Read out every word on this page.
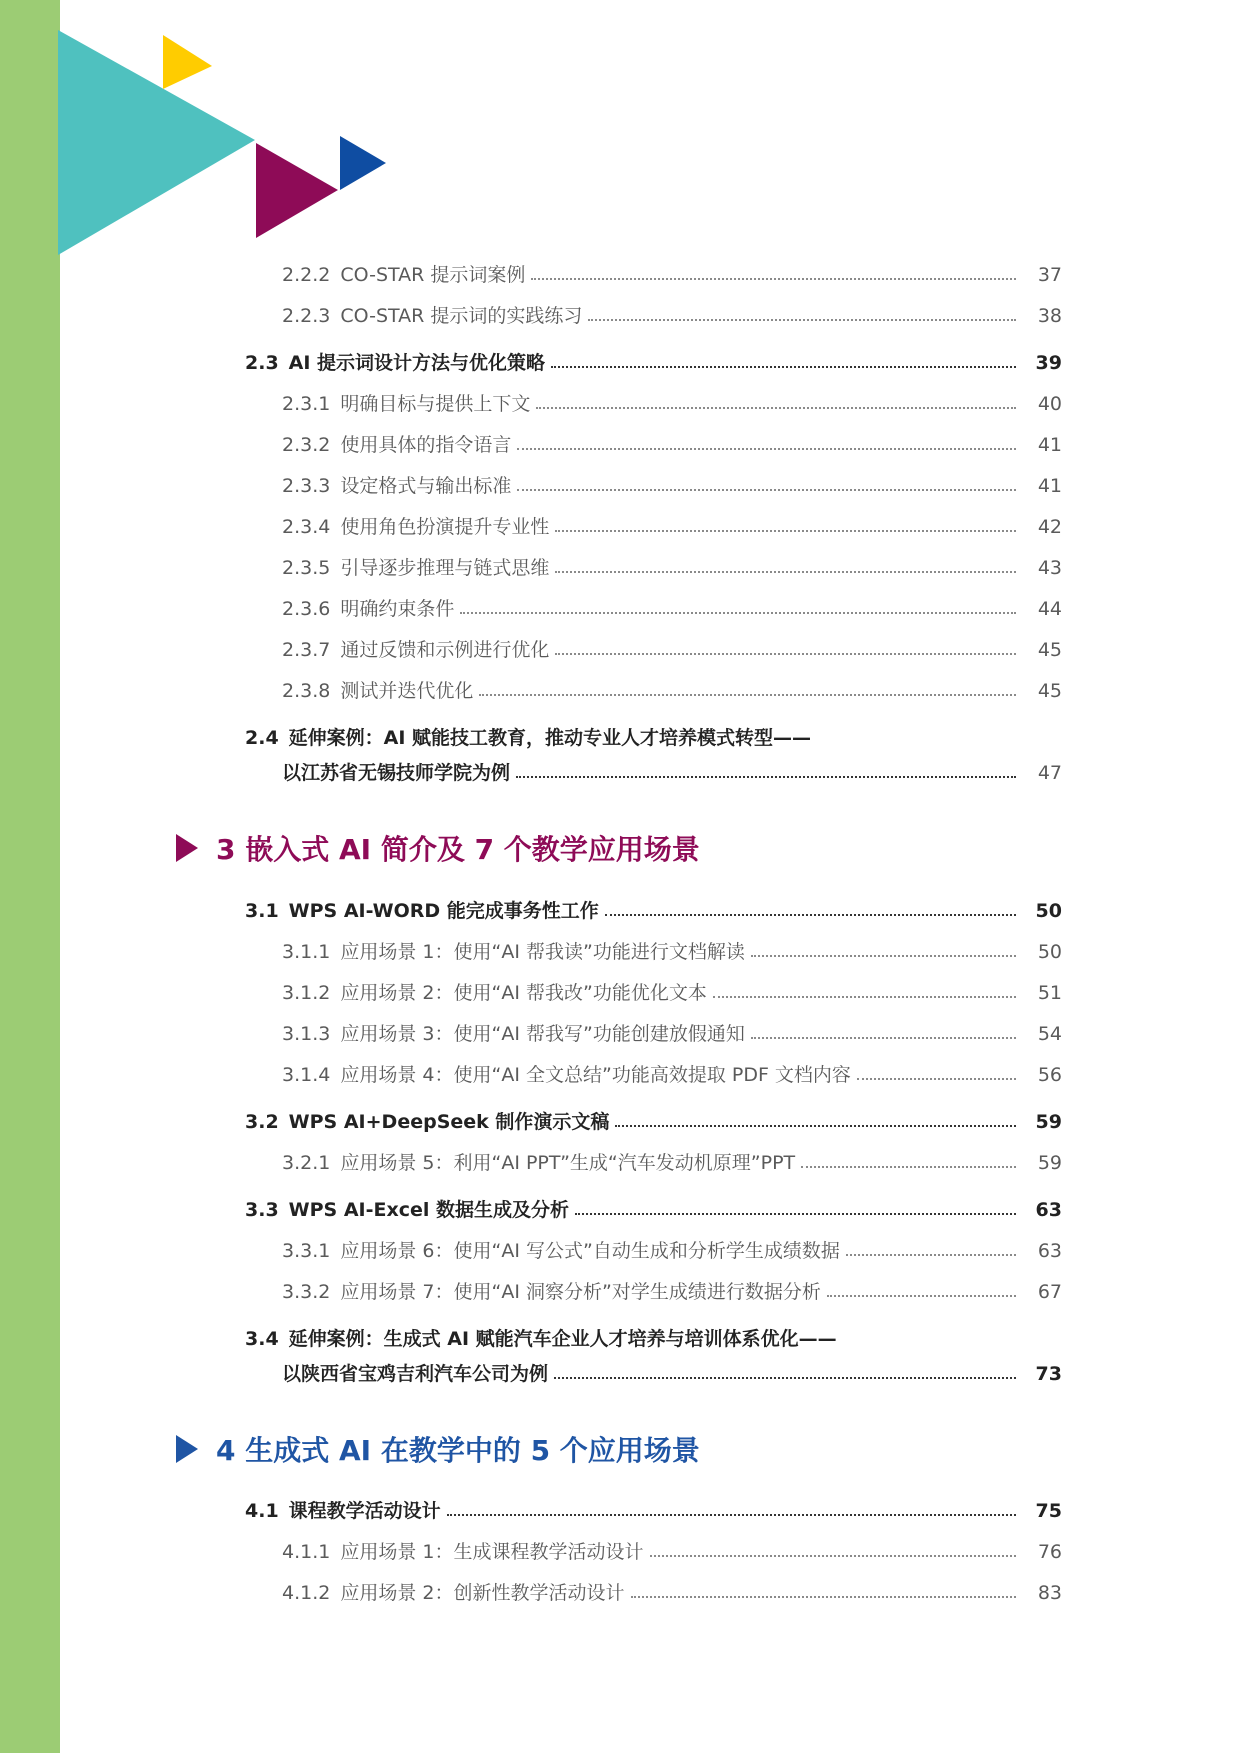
2.2.2 CO-STAR 提示词案例	37
2.2.3 CO-STAR 提示词的实践练习	38
2.3 AI 提示词设计方法与优化策略	39
2.3.1 明确目标与提供上下文	40
2.3.2 使用具体的指令语言	41
2.3.3 设定格式与输出标准	41
2.3.4 使用角色扮演提升专业性	42
2.3.5 引导逐步推理与链式思维	43
2.3.6 明确约束条件	44
2.3.7 通过反馈和示例进行优化	45
2.3.8 测试并迭代优化	45
2.4 延伸案例：AI 赋能技工教育，推动专业人才培养模式转型——
以江苏省无锡技师学院为例	47
3 嵌入式 AI 简介及 7 个教学应用场景
3.1 WPS AI-WORD 能完成事务性工作	50
3.1.1 应用场景 1：使用“AI 帮我读”功能进行文档解读	50
3.1.2 应用场景 2：使用“AI 帮我改”功能优化文本	51
3.1.3 应用场景 3：使用“AI 帮我写”功能创建放假通知	54
3.1.4 应用场景 4：使用“AI 全文总结”功能高效提取 PDF 文档内容	56
3.2 WPS AI+DeepSeek 制作演示文稿	59
3.2.1 应用场景 5：利用“AI PPT”生成“汽车发动机原理”PPT	59
3.3 WPS AI-Excel 数据生成及分析	63
3.3.1 应用场景 6：使用“AI 写公式”自动生成和分析学生成绩数据	63
3.3.2 应用场景 7：使用“AI 洞察分析”对学生成绩进行数据分析	67
3.4 延伸案例：生成式 AI 赋能汽车企业人才培养与培训体系优化——
以陕西省宝鸡吉利汽车公司为例	73
4 生成式 AI 在教学中的 5 个应用场景
4.1 课程教学活动设计	75
4.1.1 应用场景 1：生成课程教学活动设计	76
4.1.2 应用场景 2：创新性教学活动设计	83
